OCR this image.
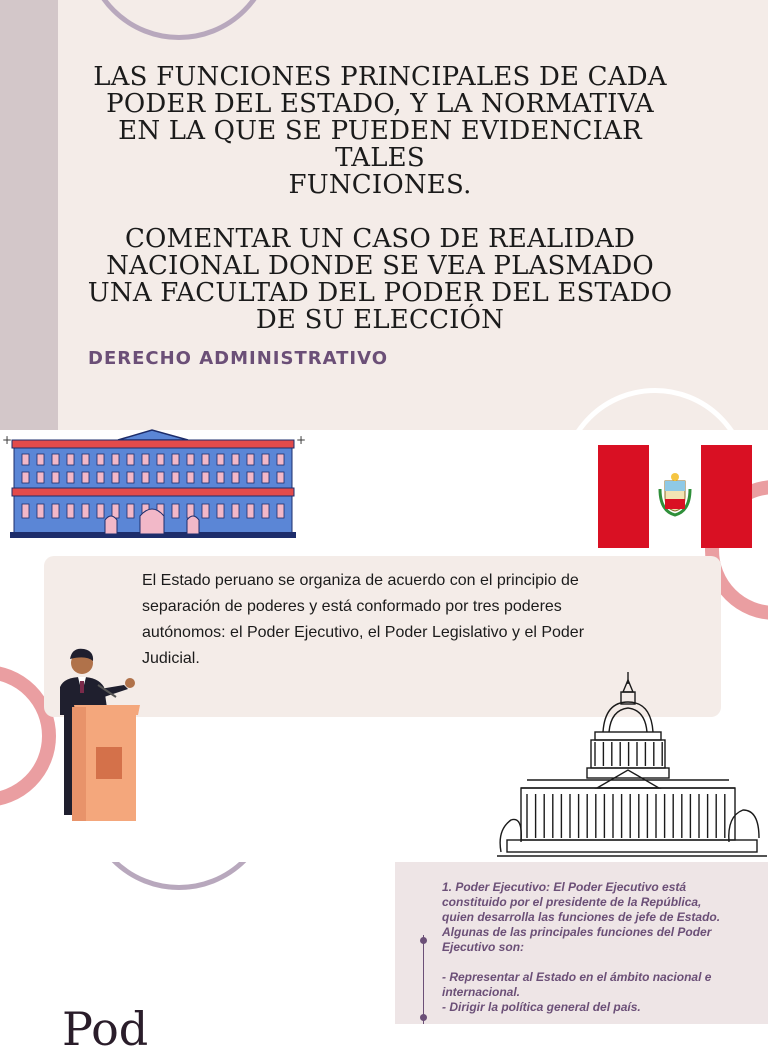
LAS FUNCIONES PRINCIPALES DE CADA

PODER DEL ESTADO, Y LA NORMATIVA

EN LA QUE SE PUEDEN EVIDENCIAR TALES

FUNCIONES.

COMENTAR UN CASO DE REALIDAD

NACIONAL DONDE SE VEA PLASMADO

UNA FACULTAD DEL PODER DEL ESTADO

DE SU ELECCIÓN

DERECHO ADMINISTRATIVO
+	+
El Estado peruano se organiza de acuerdo con el principio de
separación de poderes y está conformado por tres poderes
autónomos: el Poder Ejecutivo, el Poder Legislativo y el Poder
Judicial.

1. Poder Ejecutivo: El Poder Ejecutivo está

constituido por el presidente de la República,

quien desarrolla las funciones de jefe de Estado.

Algunas de las principales funciones del Poder

Ejecutivo son:

- Representar al Estado en el ámbito nacional e

internacional.

- Dirigir la política general del país.

Pod
